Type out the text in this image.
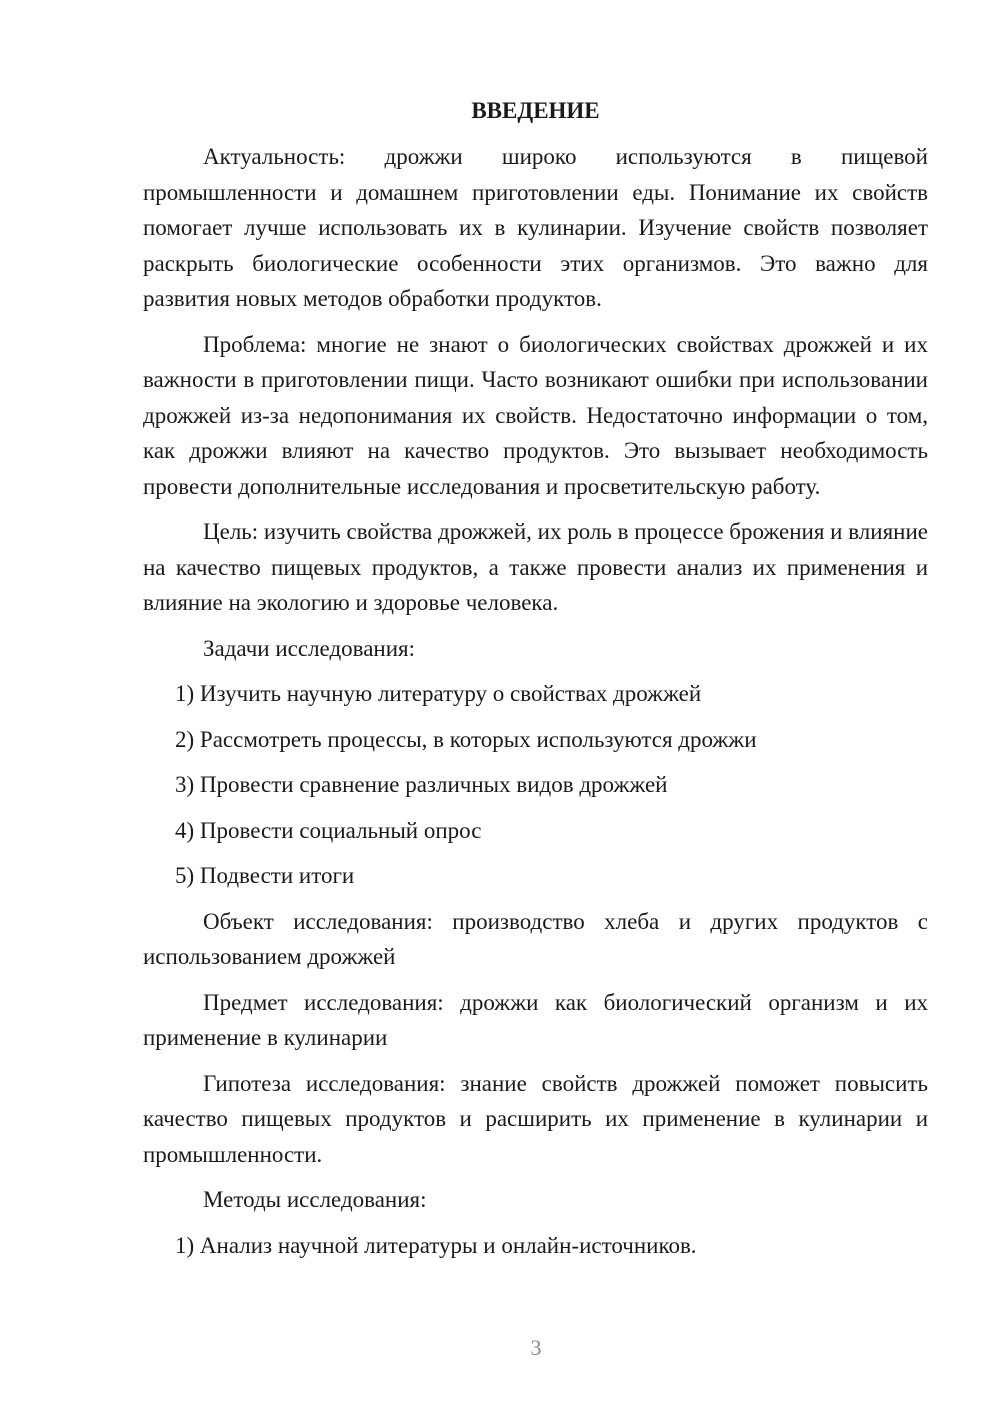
ВВЕДЕНИЕ

Актуальность: дрожжи широко используются в пищевой промышленности и домашнем приготовлении еды. Понимание их свойств помогает лучше использовать их в кулинарии. Изучение свойств позволяет раскрыть биологические особенности этих организмов. Это важно для развития новых методов обработки продуктов.

Проблема: многие не знают о биологических свойствах дрожжей и их важности в приготовлении пищи. Часто возникают ошибки при использовании дрожжей из-за недопонимания их свойств. Недостаточно информации о том, как дрожжи влияют на качество продуктов. Это вызывает необходимость провести дополнительные исследования и просветительскую работу.

Цель: изучить свойства дрожжей, их роль в процессе брожения и влияние на качество пищевых продуктов, а также провести анализ их применения и влияние на экологию и здоровье человека.

Задачи исследования:

1) Изучить научную литературу о свойствах дрожжей
2) Рассмотреть процессы, в которых используются дрожжи
3) Провести сравнение различных видов дрожжей
4) Провести социальный опрос
5) Подвести итоги

Объект исследования: производство хлеба и других продуктов с использованием дрожжей

Предмет исследования: дрожжи как биологический организм и их применение в кулинарии

Гипотеза исследования: знание свойств дрожжей поможет повысить качество пищевых продуктов и расширить их применение в кулинарии и промышленности.

Методы исследования:

1) Анализ научной литературы и онлайн-источников.
3
